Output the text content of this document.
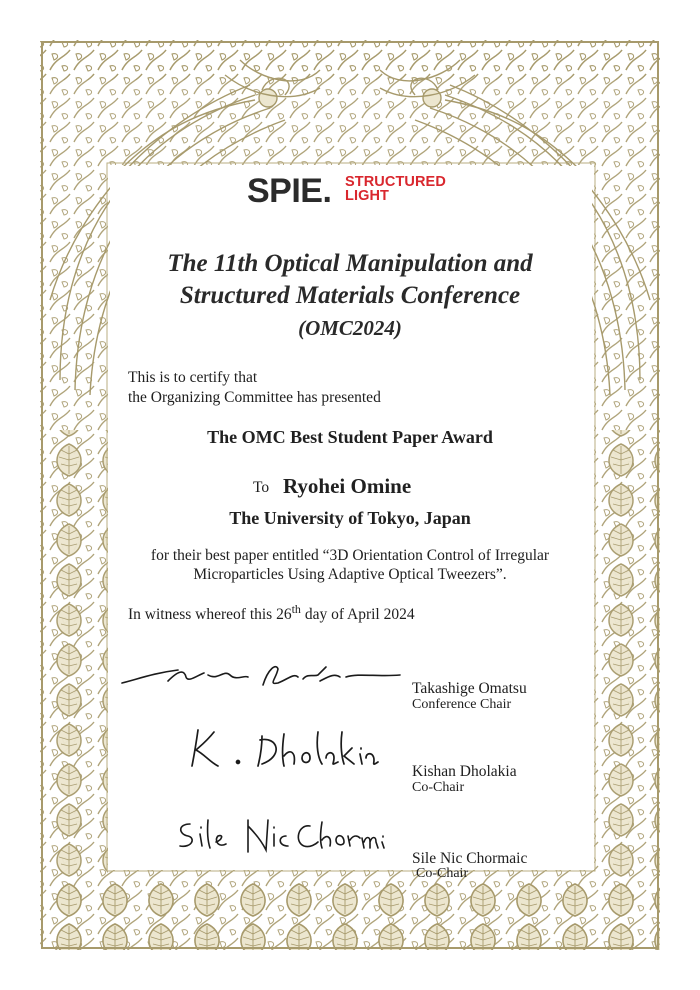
SPIE. STRUCTURED
LIGHT
The 11th Optical Manipulation and
Structured Materials Conference
(OMC2024)
This is to certify that
the Organizing Committee has presented
The OMC Best Student Paper Award
To Ryohei Omine
The University of Tokyo, Japan
for their best paper entitled “3D Orientation Control of Irregular
Microparticles Using Adaptive Optical Tweezers”.
In witness whereof this 26th day of April 2024
Takashige Omatsu
Conference Chair
Kishan Dholakia
Co-Chair
Sile Nic Chormaic
Co-Chair
